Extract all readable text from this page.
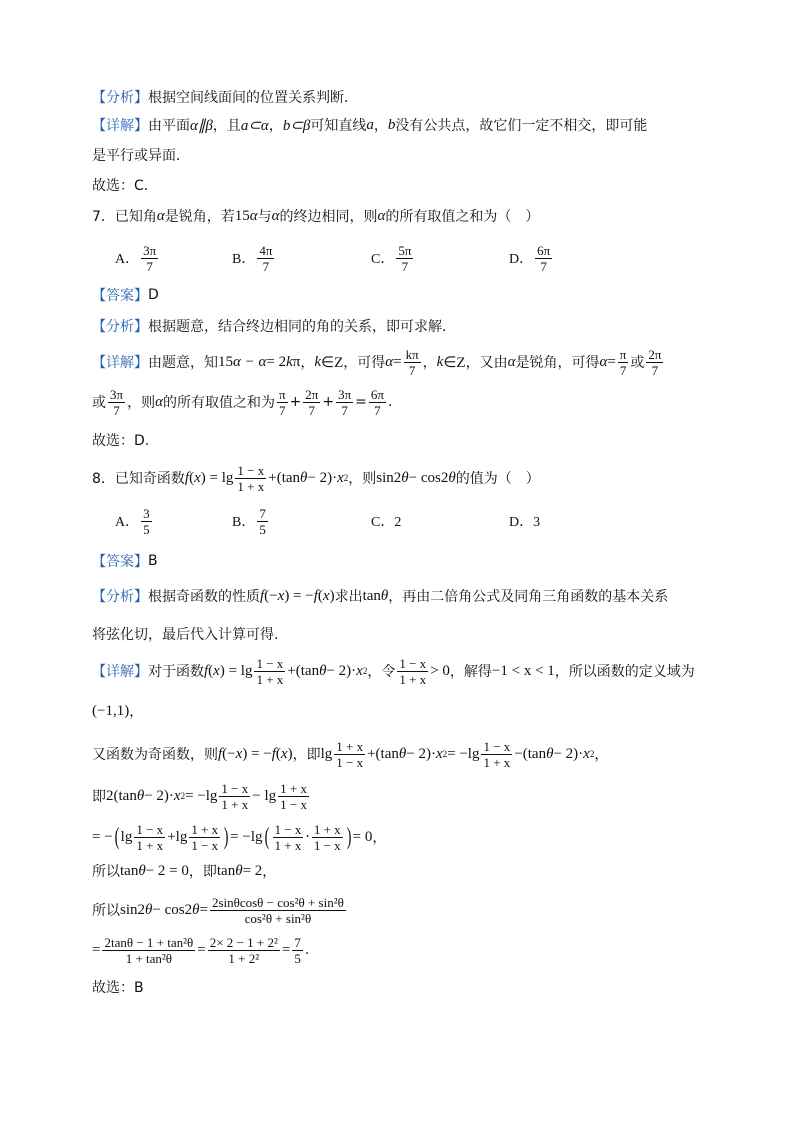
【分析】 根据空间线面间的位置关系判断．
【详解】 由平面 α∥β ，且 a⊂α ， b⊂β 可知直线 a ， b 没有公共点，故它们一定不相交，即可能
是平行或异面．
故选：C．
7．已知角 α 是锐角，若 15 α 与 α 的终边相同，则 α 的所有取值之和为（　）
A． $\frac{3\pi}{7}$	B． $\frac{4\pi}{7}$	C． $\frac{5\pi}{7}$	D． $\frac{6\pi}{7}$
【答案】 D
【分析】 根据题意，结合终边相同的角的关系，即可求解.
【详解】 由题意，知 15 α − α = 2 k π ， k ∈Z ，可得 $\alpha = \frac{k\pi}{7}$ ， k ∈Z ，又由 α 是锐角，可得 $\alpha = \frac{\pi}{7}$ 或 $\frac{2\pi}{7}$
或 $\frac{3\pi}{7}$ ，则 α 的所有取值之和为 $\frac{\pi}{7} + \frac{2\pi}{7} + \frac{3\pi}{7} = \frac{6\pi}{7}$ .
故选：D.
8．已知奇函数 f ( x ) = $\lg \frac{1 - x}{1 + x} +(\tan$ θ − 2)· x 2 ，则 sin2 θ − cos2 θ 的值为（　）
A． $\frac{3}{5}$	B． $\frac{7}{5}$	C．2	D．3
【答案】 B
【分析】 根据奇函数的性质 f (− x ) = − f ( x ) 求出 tan θ ，再由二倍角公式及同角三角函数的基本关系
将弦化切，最后代入计算可得.
【详解】 对于函数 f ( x ) = $\lg \frac{1 - x}{1 + x} +(\tan$ θ − 2)· x 2 ，令 $\frac{1 - x}{1 + x} > 0$ ，解得 −1 < x < 1 ，所以函数的定义域为
(−1,1) ，
又函数为奇函数，则 f (− x ) = − f ( x ) ，即 $\lg \frac{1 + x}{1 - x} +(\tan$ θ − 2)· x $2 = -\lg \frac{1 - x}{1 + x} -(\tan$ θ − 2)· x 2 ，
即 2(tan θ − 2)· x $2 = -\lg \frac{1 - x}{1 + x} - \lg \frac{1 + x}{1 - x}$
= − ( $\lg \frac{1 - x}{1 + x} +\lg \frac{1 + x}{1 - x}$ ) = −lg ( $\frac{1 - x}{1 + x} \cdot \frac{1 + x}{1 - x}$ ) = 0 ，
所以 tan θ − 2 = 0 ，即 tan θ = 2 ，
所以 sin2 θ − cos2 $\theta = \frac{\text{2sinθcosθ − cos²θ + sin²θ}}{\text{cos²θ + sin²θ}}$
= $\frac{\text{2tanθ − 1 + tan²θ}}{\text{1 + tan²θ}} = \frac{\text{2× 2 − 1 + 2²}}{\text{1 + 2²}} = \frac{7}{5}$ .
故选：B
